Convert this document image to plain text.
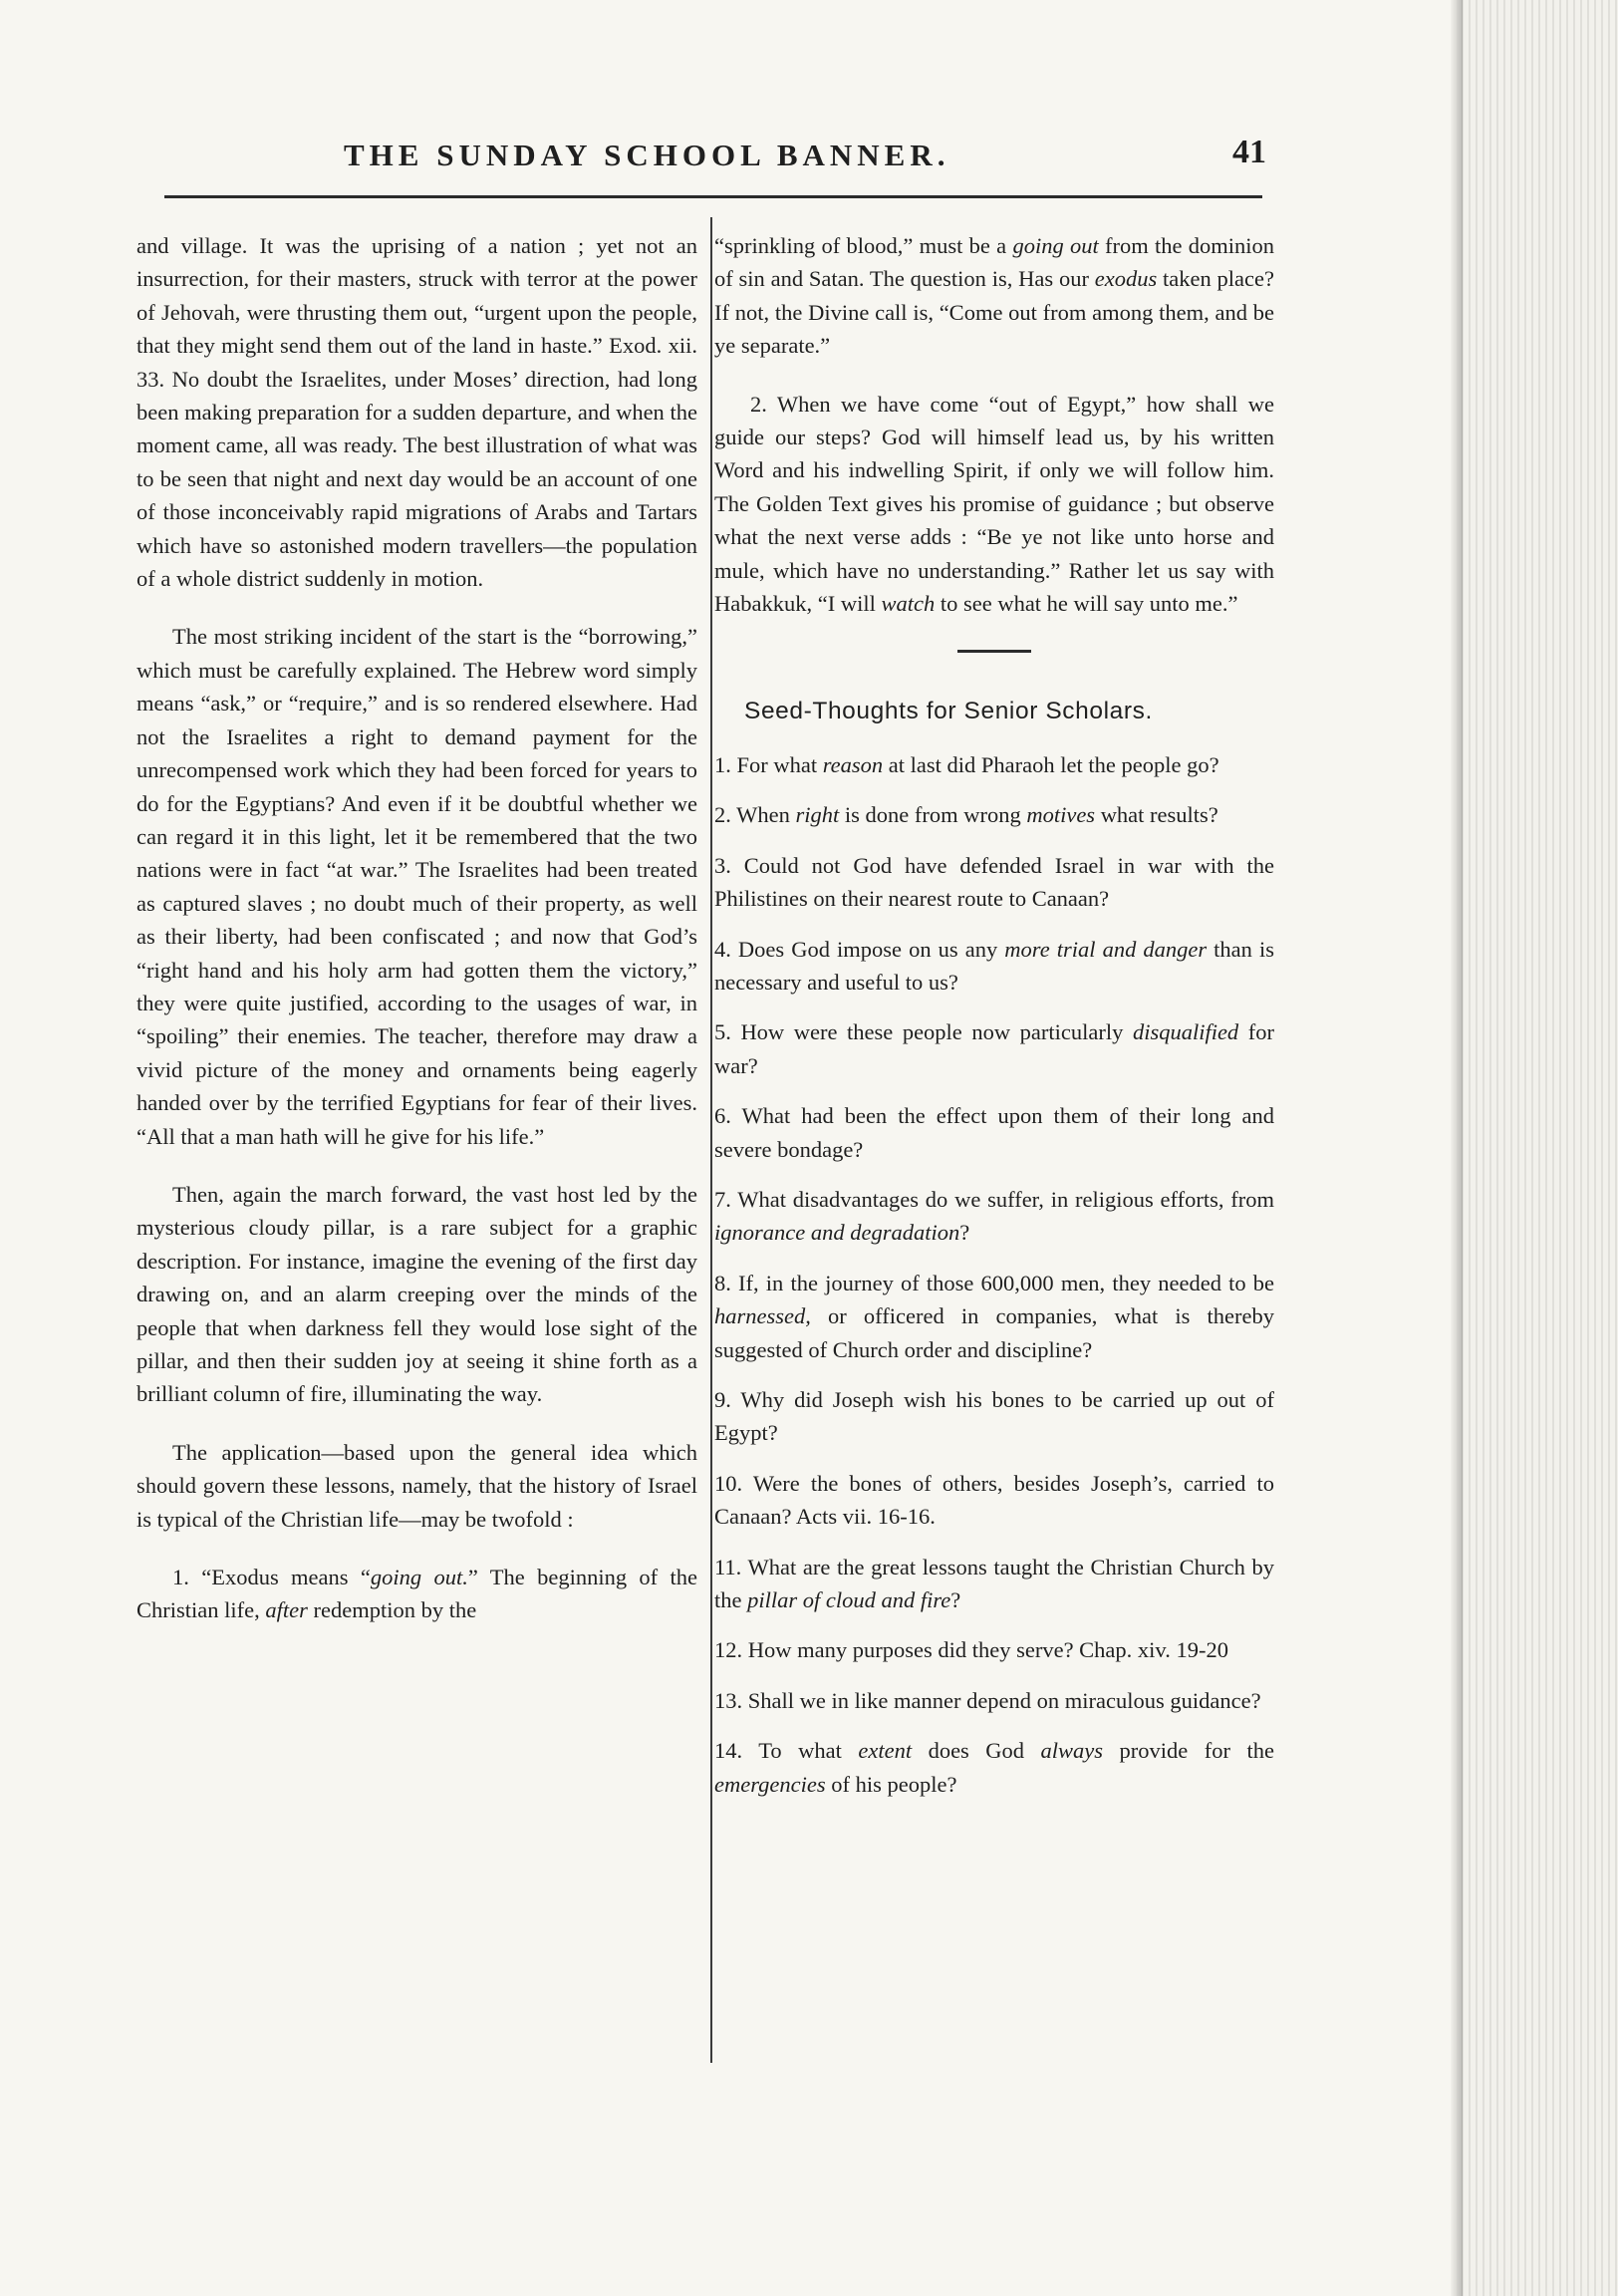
THE SUNDAY SCHOOL BANNER.	41

and village. It was the uprising of a nation ; yet not an insurrection, for their masters, struck with terror at the power of Jehovah, were thrusting them out, “urgent upon the people, that they might send them out of the land in haste.” Exod. xii. 33. No doubt the Israelites, under Moses’ direction, had long been making preparation for a sudden departure, and when the moment came, all was ready. The best illustration of what was to be seen that night and next day would be an account of one of those inconceivably rapid migrations of Arabs and Tartars which have so astonished modern travellers—the population of a whole district suddenly in motion.

The most striking incident of the start is the “borrowing,” which must be carefully explained. The Hebrew word simply means “ask,” or “require,” and is so rendered elsewhere. Had not the Israelites a right to demand payment for the unrecompensed work which they had been forced for years to do for the Egyptians? And even if it be doubtful whether we can regard it in this light, let it be remembered that the two nations were in fact “at war.” The Israelites had been treated as captured slaves ; no doubt much of their property, as well as their liberty, had been confiscated ; and now that God’s “right hand and his holy arm had gotten them the victory,” they were quite justified, according to the usages of war, in “spoiling” their enemies. The teacher, therefore may draw a vivid picture of the money and ornaments being eagerly handed over by the terrified Egyptians for fear of their lives. “All that a man hath will he give for his life.”

Then, again the march forward, the vast host led by the mysterious cloudy pillar, is a rare subject for a graphic description. For instance, imagine the evening of the first day drawing on, and an alarm creeping over the minds of the people that when darkness fell they would lose sight of the pillar, and then their sudden joy at seeing it shine forth as a brilliant column of fire, illuminating the way.

The application—based upon the general idea which should govern these lessons, namely, that the history of Israel is typical of the Christian life—may be twofold :

1. “Exodus means “going out.” The beginning of the Christian life, after redemption by the

“sprinkling of blood,” must be a going out from the dominion of sin and Satan. The question is, Has our exodus taken place? If not, the Divine call is, “Come out from among them, and be ye separate.”

2. When we have come “out of Egypt,” how shall we guide our steps? God will himself lead us, by his written Word and his indwelling Spirit, if only we will follow him. The Golden Text gives his promise of guidance ; but observe what the next verse adds : “Be ye not like unto horse and mule, which have no understanding.” Rather let us say with Habakkuk, “I will watch to see what he will say unto me.”

Seed-Thoughts for Senior Scholars.

1. For what reason at last did Pharaoh let the people go?

2. When right is done from wrong motives what results?

3. Could not God have defended Israel in war with the Philistines on their nearest route to Canaan?

4. Does God impose on us any more trial and danger than is necessary and useful to us?

5. How were these people now particularly disqualified for war?

6. What had been the effect upon them of their long and severe bondage?

7. What disadvantages do we suffer, in religious efforts, from ignorance and degradation?

8. If, in the journey of those 600,000 men, they needed to be harnessed, or officered in companies, what is thereby suggested of Church order and discipline?

9. Why did Joseph wish his bones to be carried up out of Egypt?

10. Were the bones of others, besides Joseph’s, carried to Canaan? Acts vii. 16-16.

11. What are the great lessons taught the Christian Church by the pillar of cloud and fire?

12. How many purposes did they serve? Chap. xiv. 19-20

13. Shall we in like manner depend on miraculous guidance?

14. To what extent does God always provide for the emergencies of his people?
